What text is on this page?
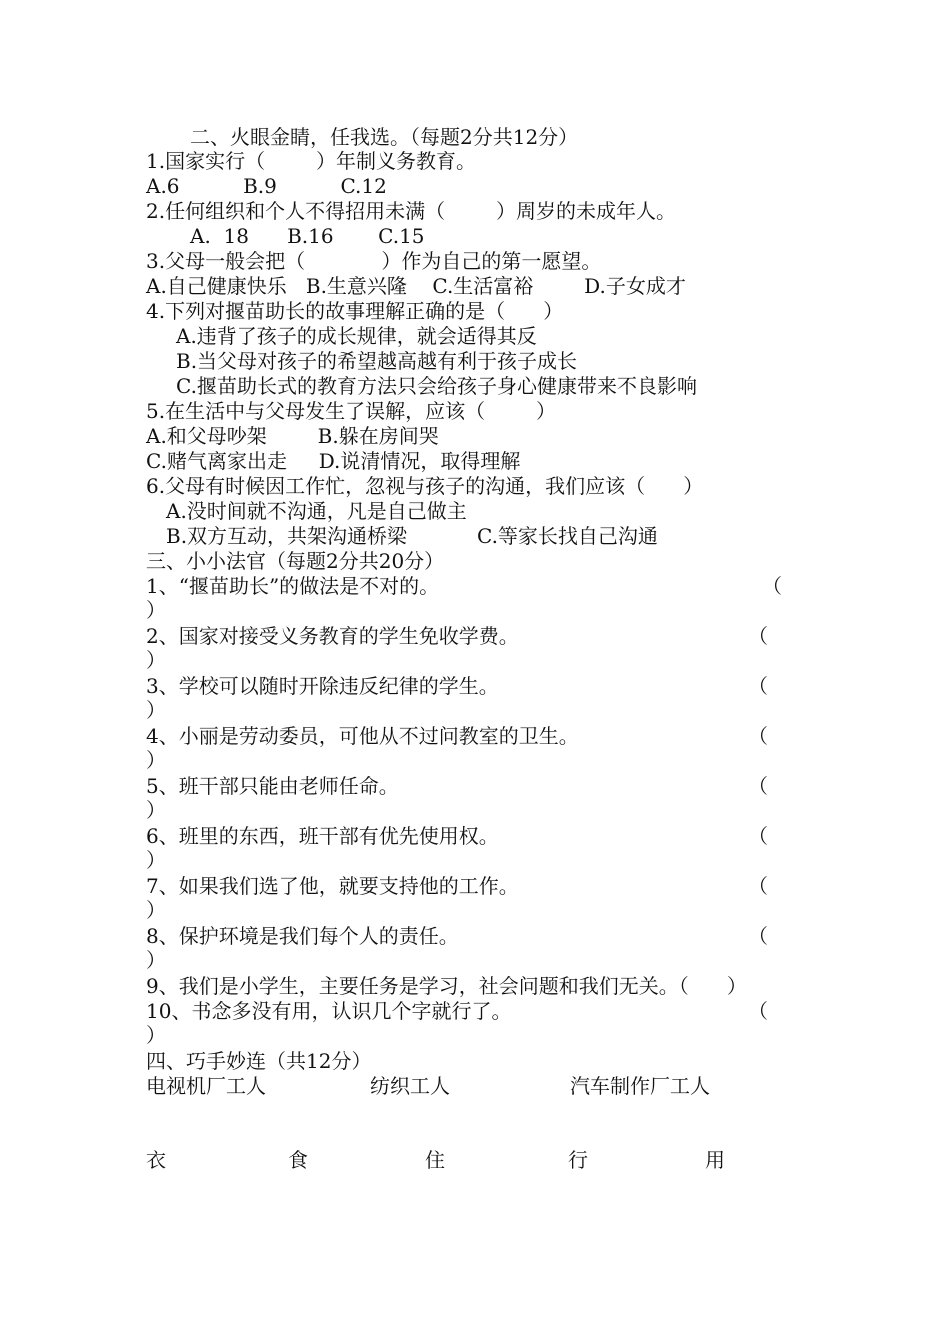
二、火眼金睛，任我选。（每题2分共12分）
1.国家实行（        ）年制义务教育。
A.6          B.9          C.12
2.任何组织和个人不得招用未满（        ）周岁的未成年人。
A.  18      B.16       C.15
3.父母一般会把（            ）作为自己的第一愿望。
A.自己健康快乐   B.生意兴隆    C.生活富裕        D.子女成才
4.下列对揠苗助长的故事理解正确的是（      ）
A.违背了孩子的成长规律，就会适得其反
B.当父母对孩子的希望越高越有利于孩子成长
C.揠苗助长式的教育方法只会给孩子身心健康带来不良影响
5.在生活中与父母发生了误解，应该（        ）
A.和父母吵架        B.躲在房间哭
C.赌气离家出走     D.说清情况，取得理解
6.父母有时候因工作忙，忽视与孩子的沟通，我们应该（      ）
A.没时间就不沟通，凡是自己做主
B.双方互动，共架沟通桥梁           C.等家长找自己沟通
三、小小法官（每题2分共20分）
1、“揠苗助长”的做法是不对的。	（
）
2、国家对接受义务教育的学生免收学费。	（
）
3、学校可以随时开除违反纪律的学生。	（
）
4、小丽是劳动委员，可他从不过问教室的卫生。	（
）
5、班干部只能由老师任命。	（
）
6、班里的东西，班干部有优先使用权。	（
）
7、如果我们选了他，就要支持他的工作。	（
）
8、保护环境是我们每个人的责任。	（
）
9、我们是小学生，主要任务是学习，社会问题和我们无关。（      ）
10、书念多没有用，认识几个字就行了。	（
）
四、巧手妙连（共12分）
电视机厂工人	纺织工人	汽车制作厂工人
衣	食	住	行	用
